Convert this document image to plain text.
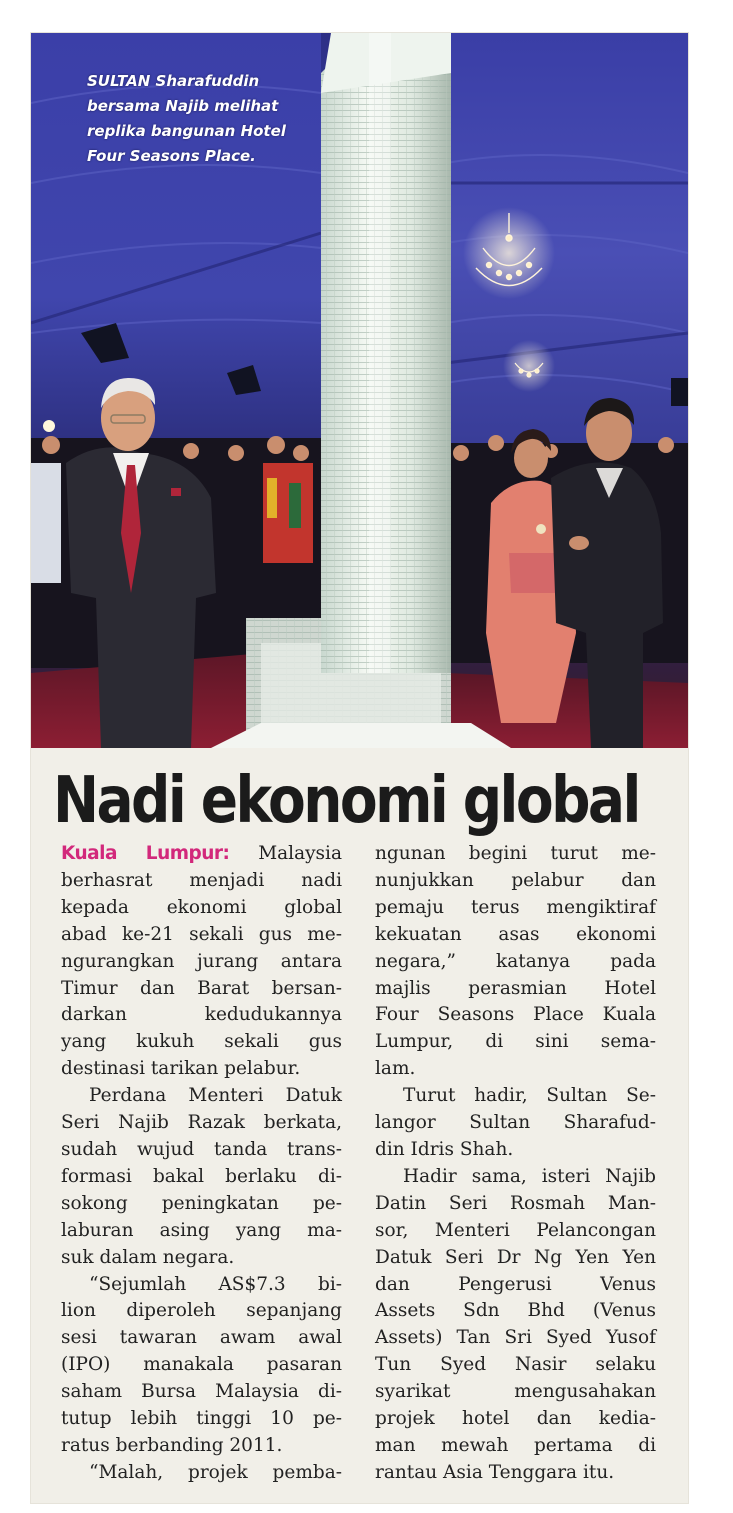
SULTAN Sharafuddin bersama Najib melihat replika bangunan Hotel Four Seasons Place.
Nadi ekonomi global
Kuala Lumpur: Malaysia
berhasrat menjadi nadi
kepada ekonomi global
abad ke-21 sekali gus me-
ngurangkan jurang antara
Timur dan Barat bersan-
darkan kedudukannya
yang kukuh sekali gus
destinasi tarikan pelabur.
Perdana Menteri Datuk
Seri Najib Razak berkata,
sudah wujud tanda trans-
formasi bakal berlaku di-
sokong peningkatan pe-
laburan asing yang ma-
suk dalam negara.
“Sejumlah AS$7.3 bi-
lion diperoleh sepanjang
sesi tawaran awam awal
(IPO) manakala pasaran
saham Bursa Malaysia di-
tutup lebih tinggi 10 pe-
ratus berbanding 2011.
“Malah, projek pemba-
ngunan begini turut me-
nunjukkan pelabur dan
pemaju terus mengiktiraf
kekuatan asas ekonomi
negara,” katanya pada
majlis perasmian Hotel
Four Seasons Place Kuala
Lumpur, di sini sema-
lam.
Turut hadir, Sultan Se-
langor Sultan Sharafud-
din Idris Shah.
Hadir sama, isteri Najib
Datin Seri Rosmah Man-
sor, Menteri Pelancongan
Datuk Seri Dr Ng Yen Yen
dan Pengerusi Venus
Assets Sdn Bhd (Venus
Assets) Tan Sri Syed Yusof
Tun Syed Nasir selaku
syarikat mengusahakan
projek hotel dan kedia-
man mewah pertama di
rantau Asia Tenggara itu.
